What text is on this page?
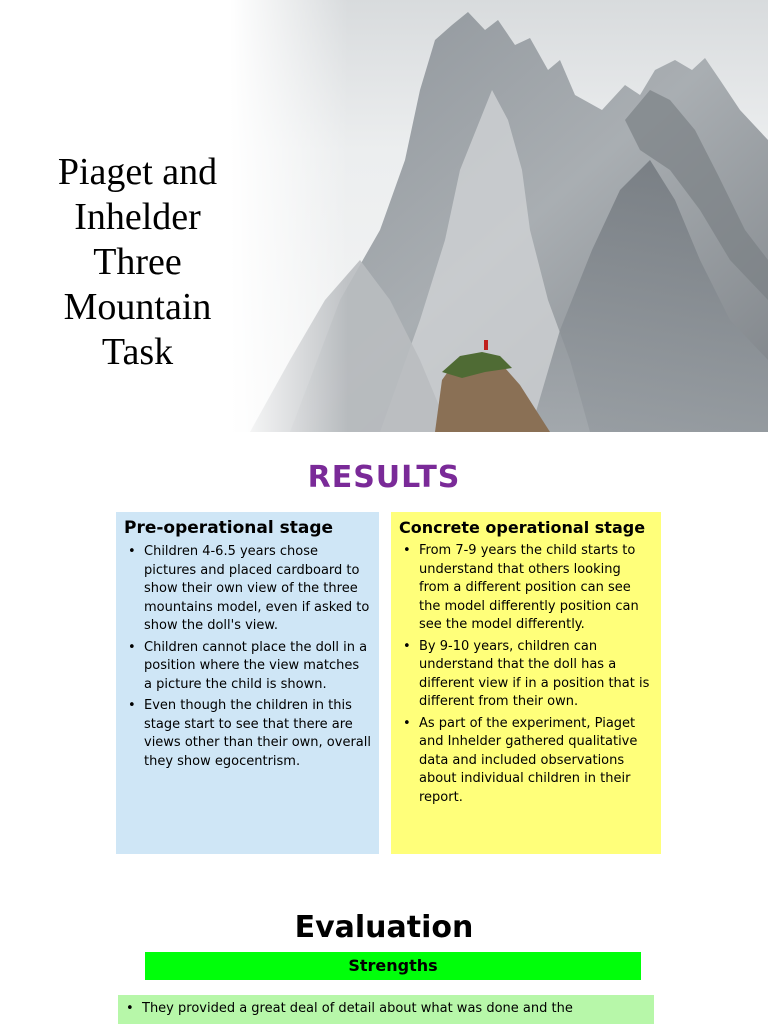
Piaget and
Inhelder
Three
Mountain
Task
RESULTS
Pre-operational stage
• Children 4-6.5 years chose pictures and placed cardboard to show their own view of the three mountains model, even if asked to show the doll's view.
• Children cannot place the doll in a position where the view matches a picture the child is shown.
• Even though the children in this stage start to see that there are views other than their own, overall they show egocentrism.
Concrete operational stage
• From 7-9 years the child starts to understand that others looking from a different position can see the model differently position can see the model differently.
• By 9-10 years, children can understand that the doll has a different view if in a position that is different from their own.
• As part of the experiment, Piaget and Inhelder gathered qualitative data and included observations about individual children in their report.
Evaluation
Strengths
• They provided a great deal of detail about what was done and the
